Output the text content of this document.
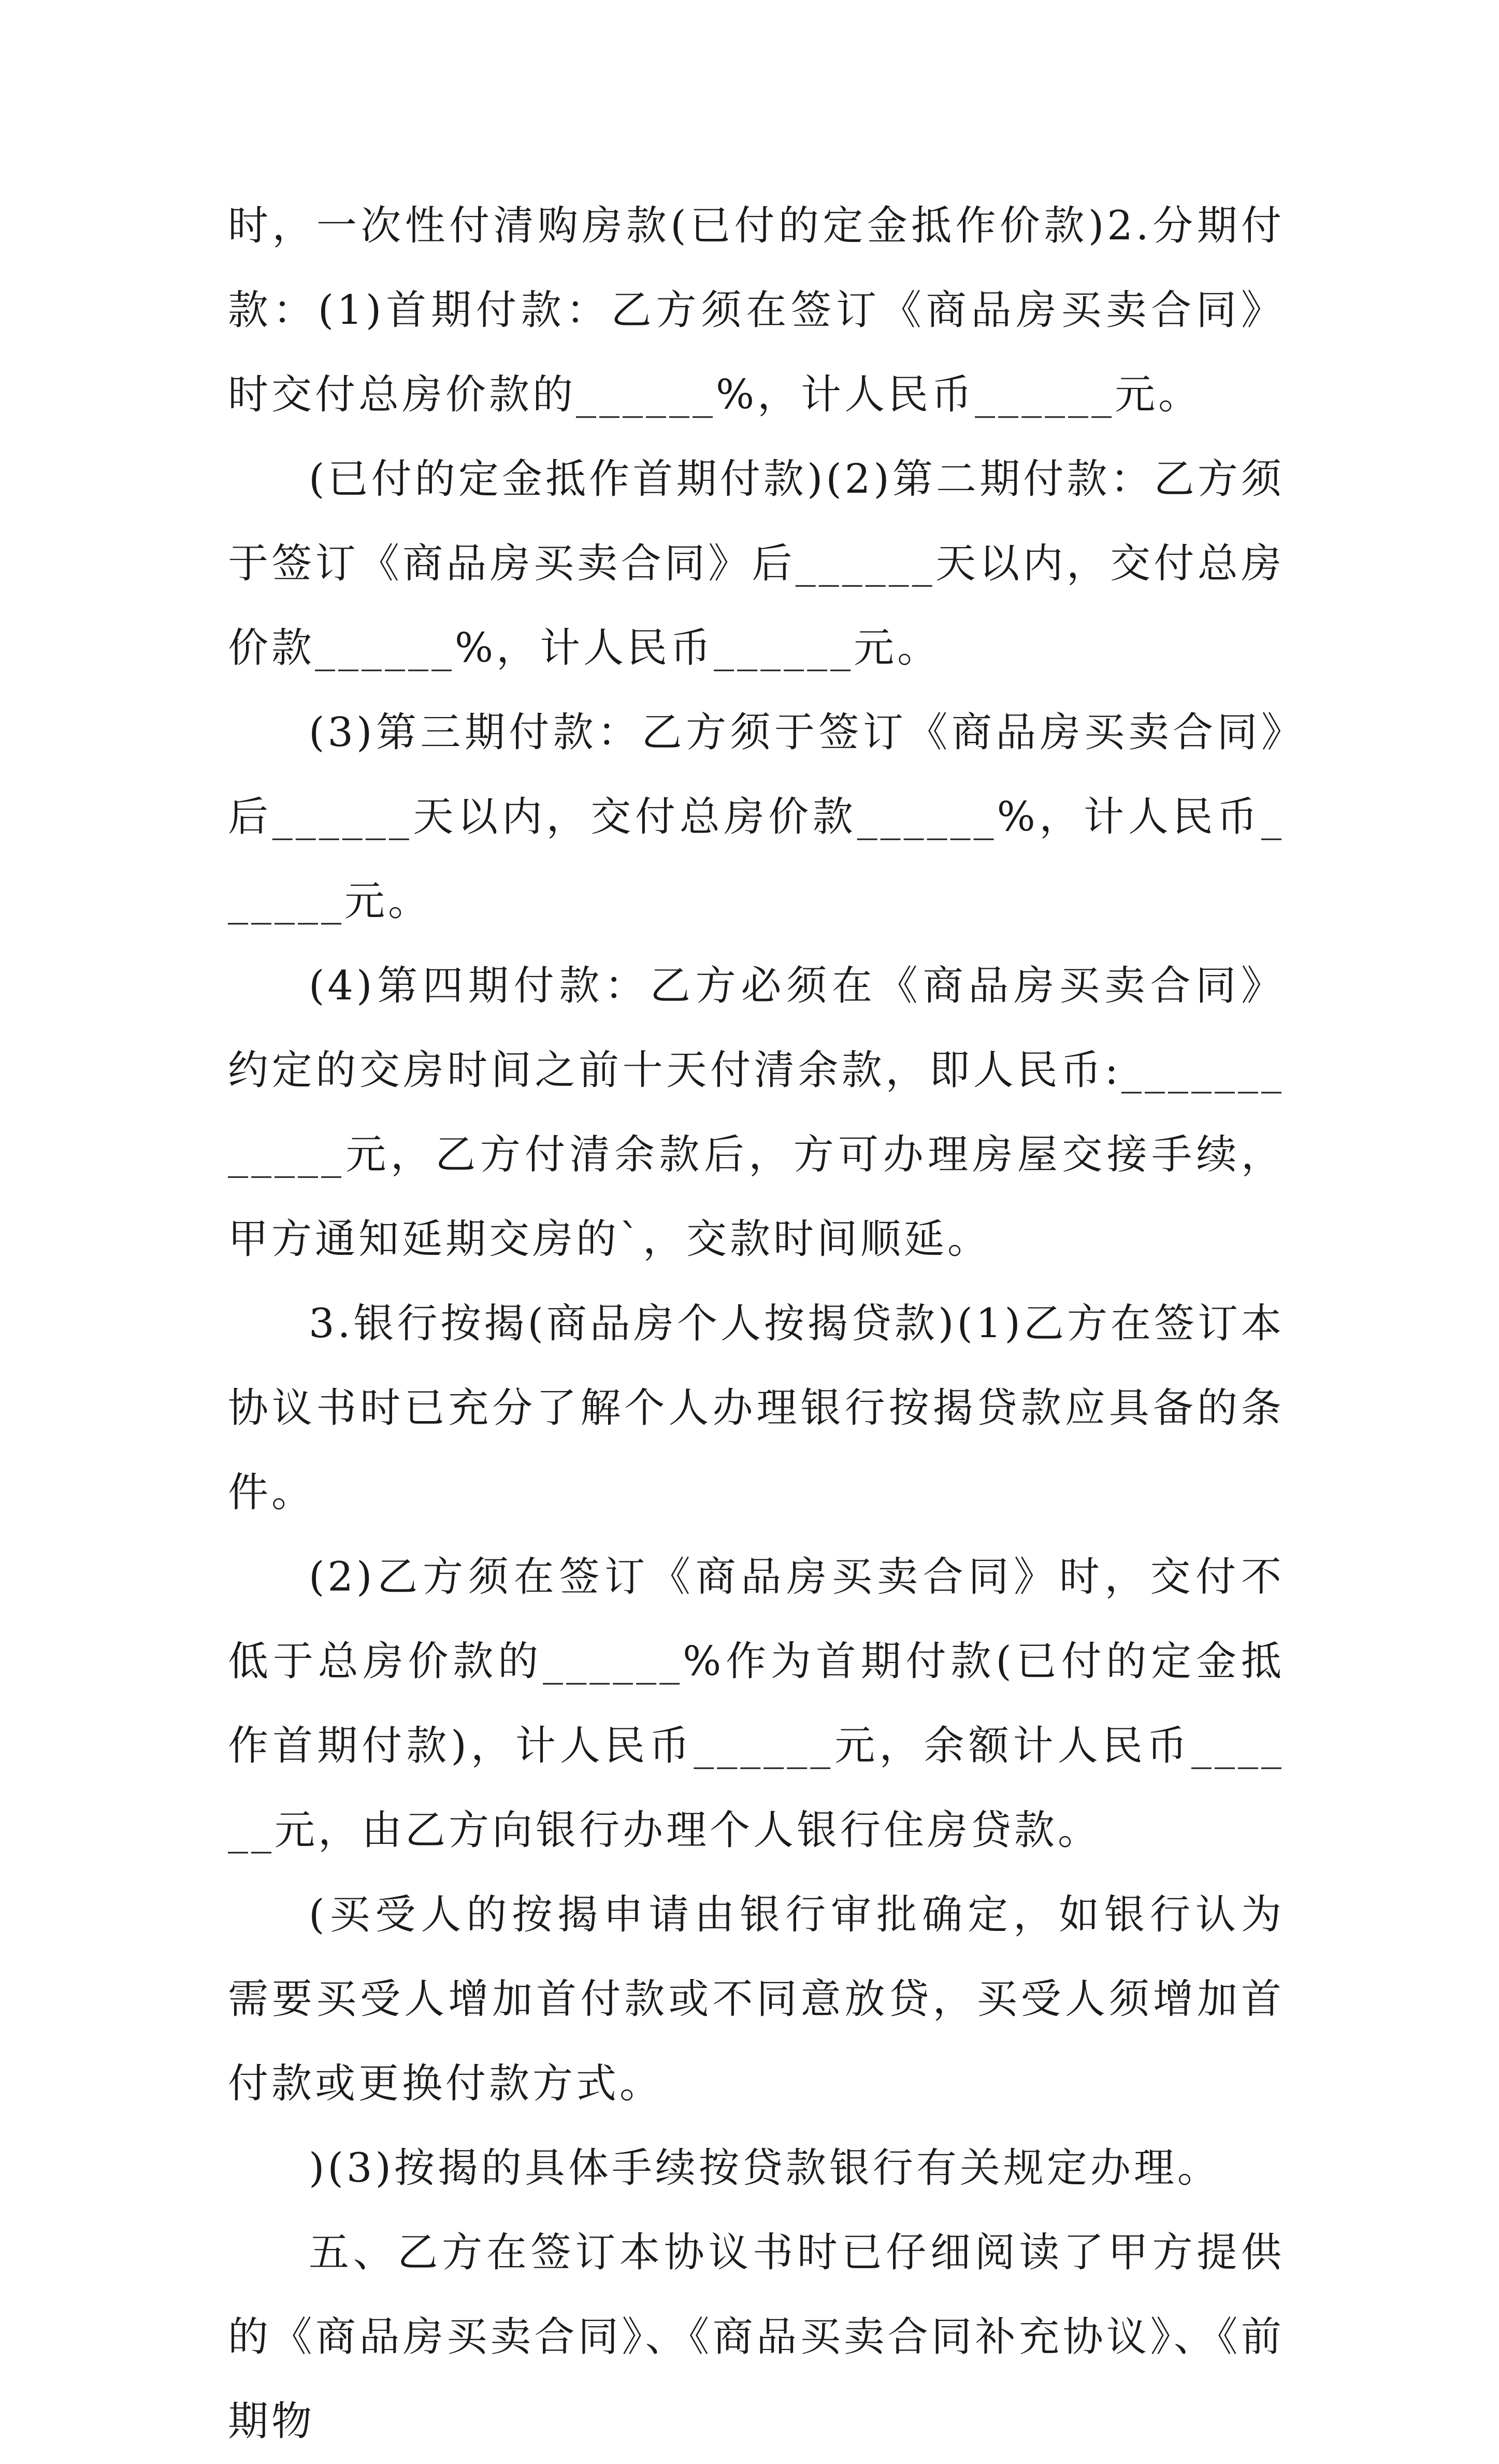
时，一次性付清购房款(已付的定金抵作价款)2.分期付款：(1)首期付款：乙方须在签订《商品房买卖合同》时交付总房价款的______%，计人民币______元。

(已付的定金抵作首期付款)(2)第二期付款：乙方须于签订《商品房买卖合同》后______天以内，交付总房价款______%，计人民币______元。

(3)第三期付款：乙方须于签订《商品房买卖合同》后______天以内，交付总房价款______%，计人民币______元。

(4)第四期付款：乙方必须在《商品房买卖合同》约定的交房时间之前十天付清余款，即人民币:____________元，乙方付清余款后，方可办理房屋交接手续，甲方通知延期交房的`，交款时间顺延。

3.银行按揭(商品房个人按揭贷款)(1)乙方在签订本协议书时已充分了解个人办理银行按揭贷款应具备的条件。

(2)乙方须在签订《商品房买卖合同》时，交付不低于总房价款的______%作为首期付款(已付的定金抵作首期付款)，计人民币______元，余额计人民币______元，由乙方向银行办理个人银行住房贷款。

(买受人的按揭申请由银行审批确定，如银行认为需要买受人增加首付款或不同意放贷，买受人须增加首付款或更换付款方式。

)(3)按揭的具体手续按贷款银行有关规定办理。

五、乙方在签订本协议书时已仔细阅读了甲方提供的《商品房买卖合同》、《商品买卖合同补充协议》、《前期物
